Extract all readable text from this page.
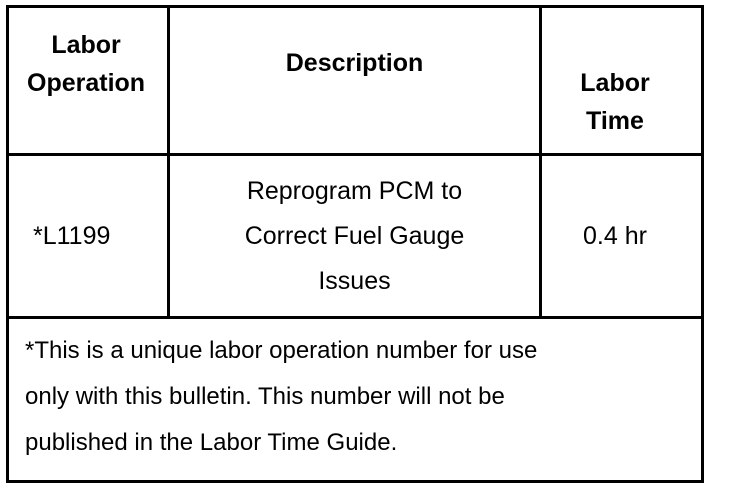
Labor
Operation
Description
Labor
Time
*L1199
Reprogram PCM to
Correct Fuel Gauge
Issues
0.4 hr
*This is a unique labor operation number for use
only with this bulletin. This number will not be
published in the Labor Time Guide.
